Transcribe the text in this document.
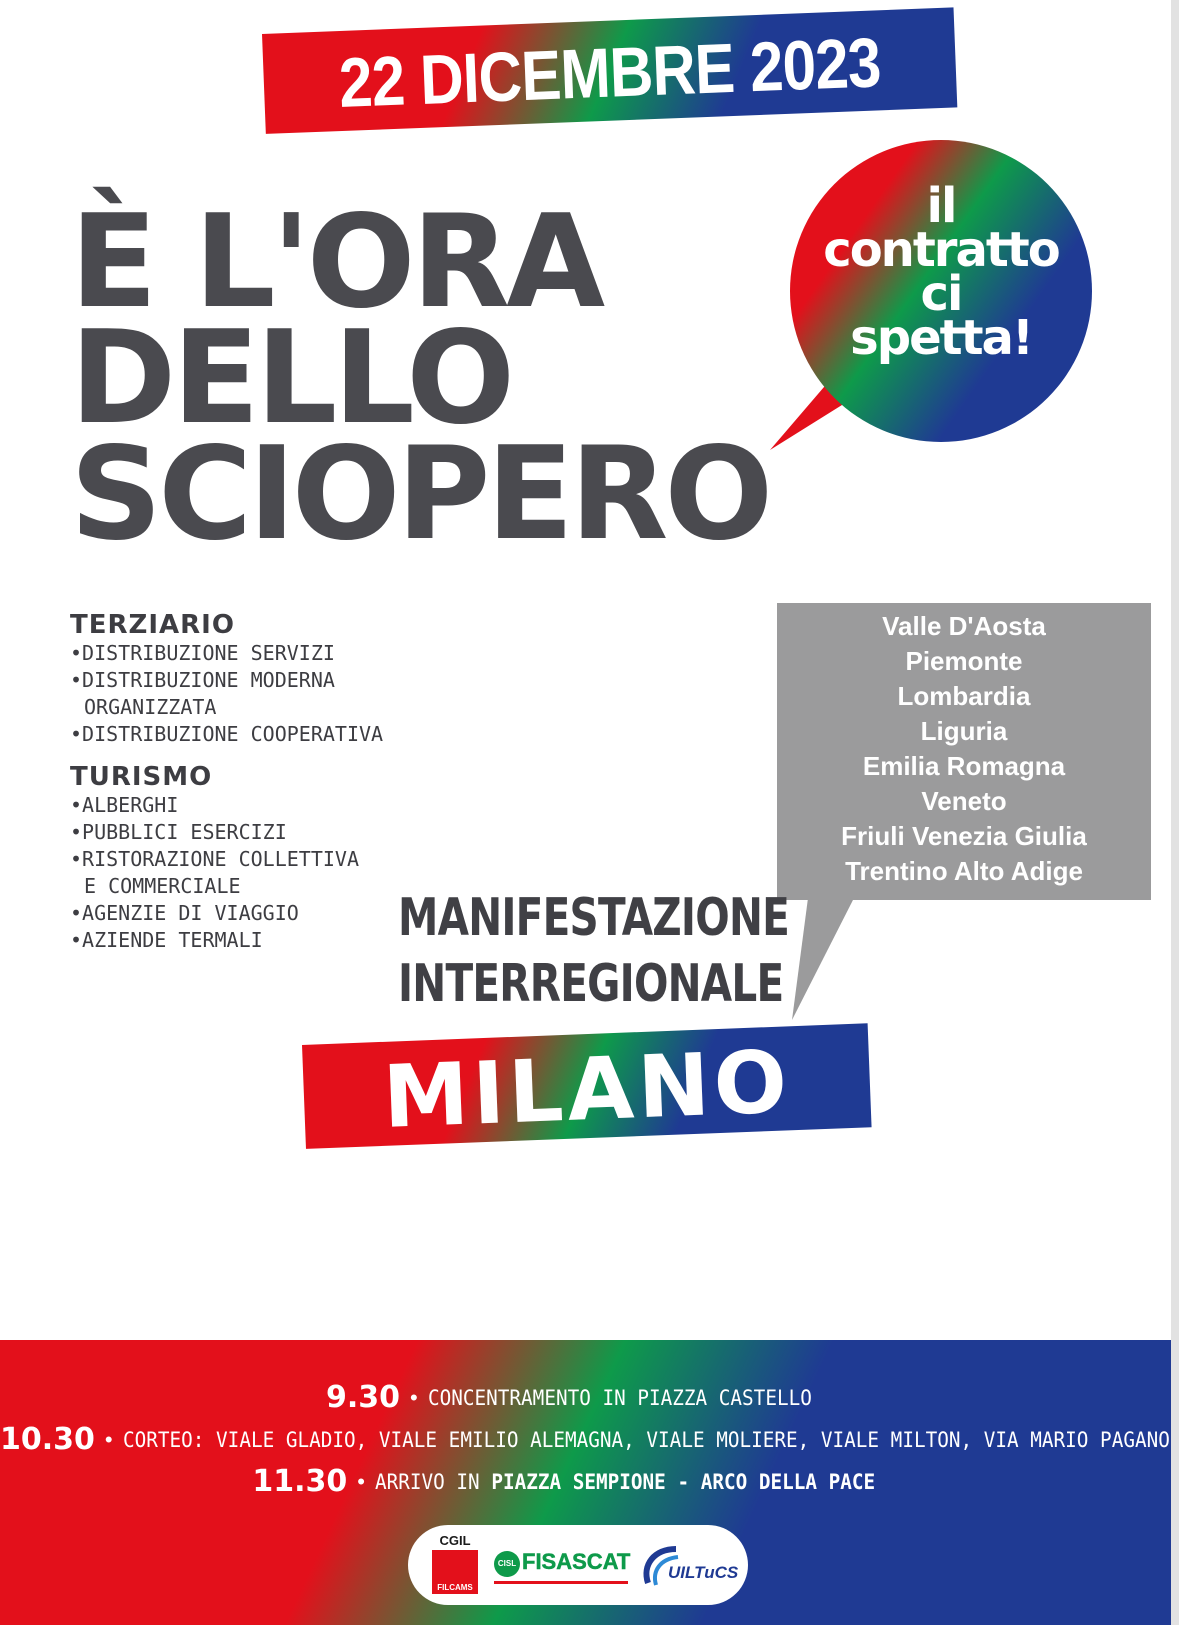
22 DICEMBRE 2023
È L'ORA
DELLO
SCIOPERO
il
contratto
ci
spetta!
TERZIARIO
• DISTRIBUZIONE SERVIZI
• DISTRIBUZIONE MODERNA
ORGANIZZATA
• DISTRIBUZIONE COOPERATIVA
TURISMO
• ALBERGHI
• PUBBLICI ESERCIZI
• RISTORAZIONE COLLETTIVA
E COMMERCIALE
• AGENZIE DI VIAGGIO
• AZIENDE TERMALI
Valle D'Aosta
Piemonte
Lombardia
Liguria
Emilia Romagna
Veneto
Friuli Venezia Giulia
Trentino Alto Adige
MANIFESTAZIONE
INTERREGIONALE
MILANO
9.30 • CONCENTRAMENTO IN PIAZZA CASTELLO
10.30 • CORTEO: VIALE GLADIO, VIALE EMILIO ALEMAGNA, VIALE MOLIERE, VIALE MILTON, VIA MARIO PAGANO
11.30 • ARRIVO IN PIAZZA SEMPIONE - ARCO DELLA PACE
CGIL
FILCAMS
CISL FISASCAT UILTuCS
